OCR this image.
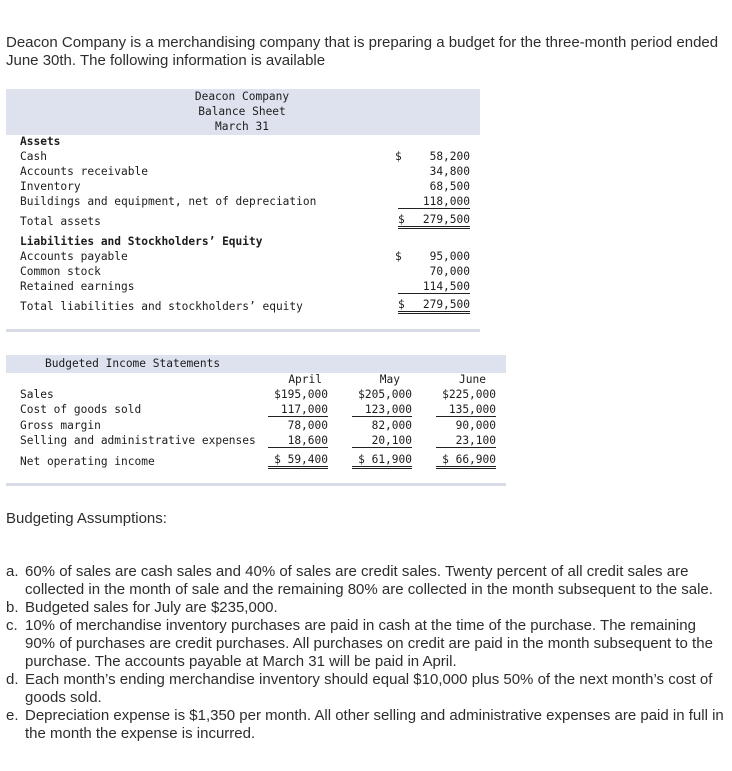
Deacon Company is a merchandising company that is preparing a budget for the three-month period ended June 30th. The following information is available
Deacon Company
Balance Sheet
March 31
Assets
Cash	$	58,200
Accounts receivable	34,800
Inventory	68,500
Buildings and equipment, net of depreciation	118,000
Total assets	$	279,500
Liabilities and Stockholders’ Equity
Accounts payable	$	95,000
Common stock	70,000
Retained earnings	114,500
Total liabilities and stockholders’ equity	$	279,500
Budgeted Income Statements
April	May	June
Sales	$195,000	$205,000	$225,000
Cost of goods sold	117,000	123,000	135,000
Gross margin	78,000	82,000	90,000
Selling and administrative expenses	18,600	20,100	23,100
Net operating income	$ 59,400	$ 61,900	$ 66,900
Budgeting Assumptions:
a. 60% of sales are cash sales and 40% of sales are credit sales. Twenty percent of all credit sales are collected in the month of sale and the remaining 80% are collected in the month subsequent to the sale.
b. Budgeted sales for July are $235,000.
c. 10% of merchandise inventory purchases are paid in cash at the time of the purchase. The remaining 90% of purchases are credit purchases. All purchases on credit are paid in the month subsequent to the purchase. The accounts payable at March 31 will be paid in April.
d. Each month’s ending merchandise inventory should equal $10,000 plus 50% of the next month’s cost of goods sold.
e. Depreciation expense is $1,350 per month. All other selling and administrative expenses are paid in full in the month the expense is incurred.
